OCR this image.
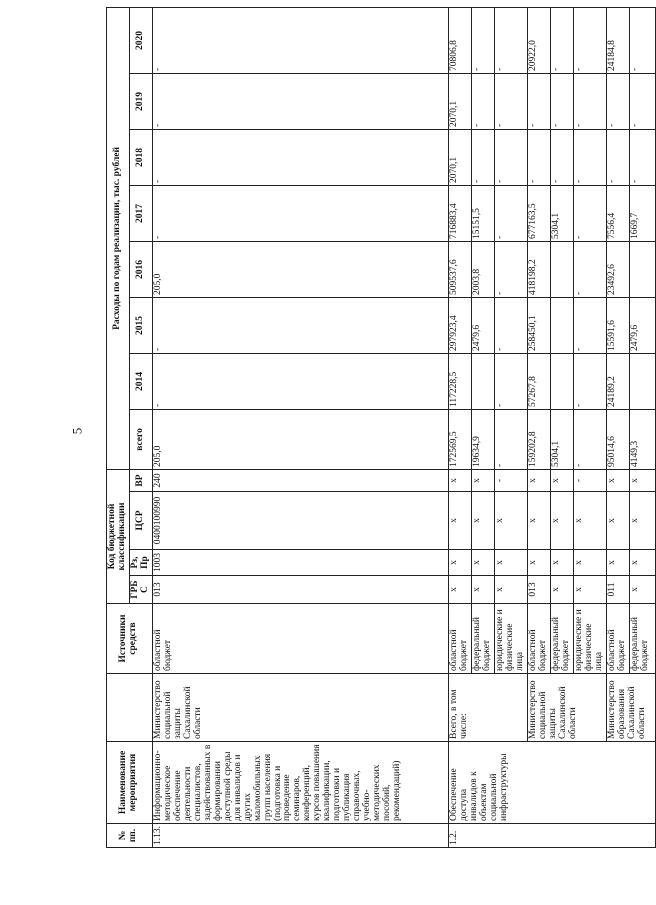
5
№ пп.	Наименование мероприятия		Источники средств	Код бюджетной классификации				Расходы по годам реализации, тыс. рублей							
				ГРБС	Рз, Пр	ЦСР	ВР	всего	2014	2015	2016	2017	2018	2019	2020
1.13.	Информационно-методическое обеспечение деятельности специалистов, задействованных в формировании доступной среды для инвалидов и других маломобильных групп населения (подготовка и проведение семинаров, конференций, курсов повышения квалификации, подготовки и публикация справочных, учебно-методических пособий, рекомендаций)	Министерство социальной защиты Сахалинской области	областной бюджет	013	1003	0400100990	240	205,0	-	-	205,0	-	-	-	-
1.2.	Обеспечение доступа инвалидов к объектам социальной инфраструктуры	Всего, в том числе:	областной бюджет	х	х	х	х	172569,5	117228,5	297923,4	509537,6	716883,4	2070,1	2070,1	70806,8
			федеральный бюджет	х	х	х	х	19634,9		2479,6	2003,8	15151,5	-	-	-
			юридические и физические лица	х	х	х	-	-	-	-	-	-	-	-	-
		Министерство социальной защиты Сахалинской области	областной бюджет	013	х	х	х	159202,8	57267,8	258450,1	418198,2	677163,5	-	-	20922,0
			федеральный бюджет	х	х	х	х	5304,1				5304,1	-	-	-
			юридические и физические лица	х	х	х	-	-	-	-	-	-	-	-	-
		Министерство образования Сахалинской области	областной бюджет	011	х	х	х	95014,6	24189,2	15591,6	23492,6	7556,4	-	-	24184,8
			федеральный бюджет	х	х	х	х	4149,3		2479,6		1669,7	-	-	-
